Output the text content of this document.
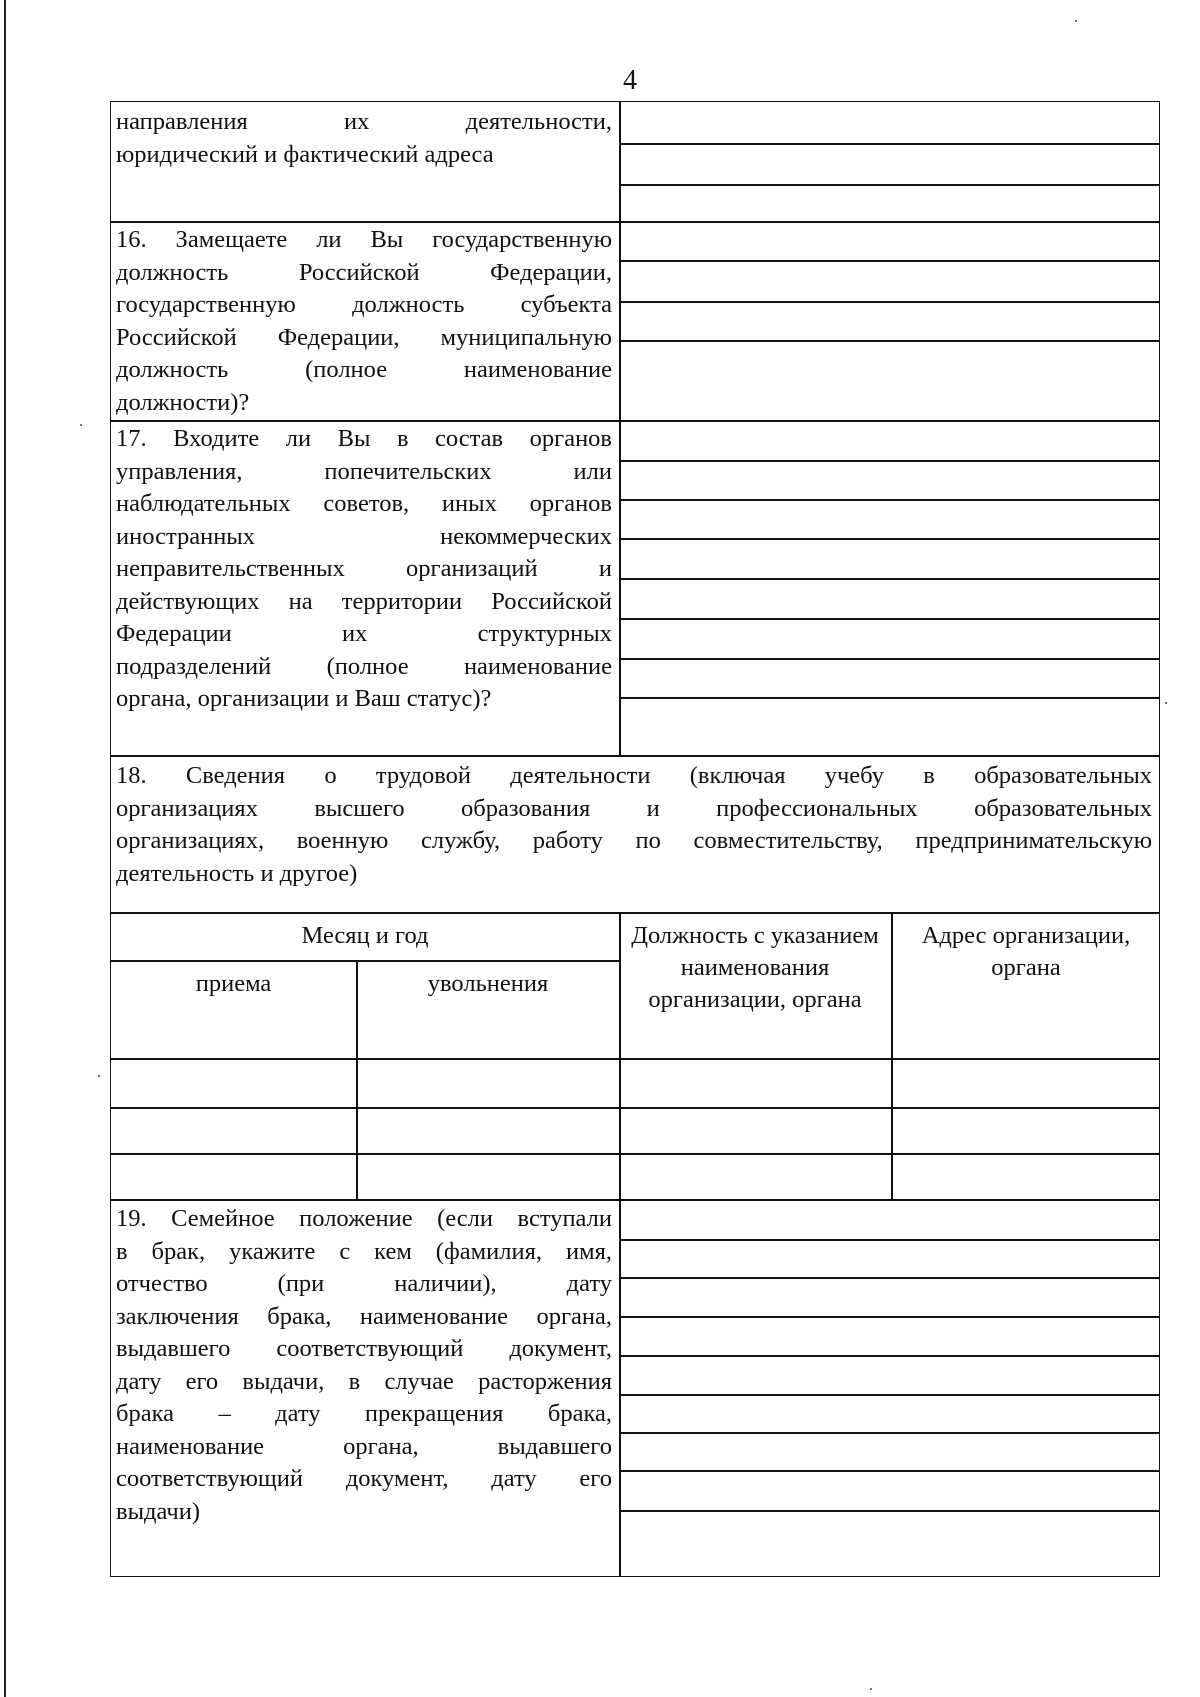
4
направления их деятельности,
юридический и фактический адреса
16. Замещаете ли Вы государственную
должность Российской Федерации,
государственную должность субъекта
Российской Федерации, муниципальную
должность (полное наименование
должности)?
17. Входите ли Вы в состав органов
управления, попечительских или
наблюдательных советов, иных органов
иностранных некоммерческих
неправительственных организаций и
действующих на территории Российской
Федерации их структурных
подразделений (полное наименование
органа, организации и Ваш статус)?
18. Сведения о трудовой деятельности (включая учебу в образовательных
организациях высшего образования и профессиональных образовательных
организациях, военную службу, работу по совместительству, предпринимательскую
деятельность и другое)
Месяц и год
приема	увольнения
Должность с указанием наименования организации, органа
Адрес организации, органа
19. Семейное положение (если вступали
в брак, укажите с кем (фамилия, имя,
отчество (при наличии), дату
заключения брака, наименование органа,
выдавшего соответствующий документ,
дату его выдачи, в случае расторжения
брака – дату прекращения брака,
наименование органа, выдавшего
соответствующий документ, дату его
выдачи)
